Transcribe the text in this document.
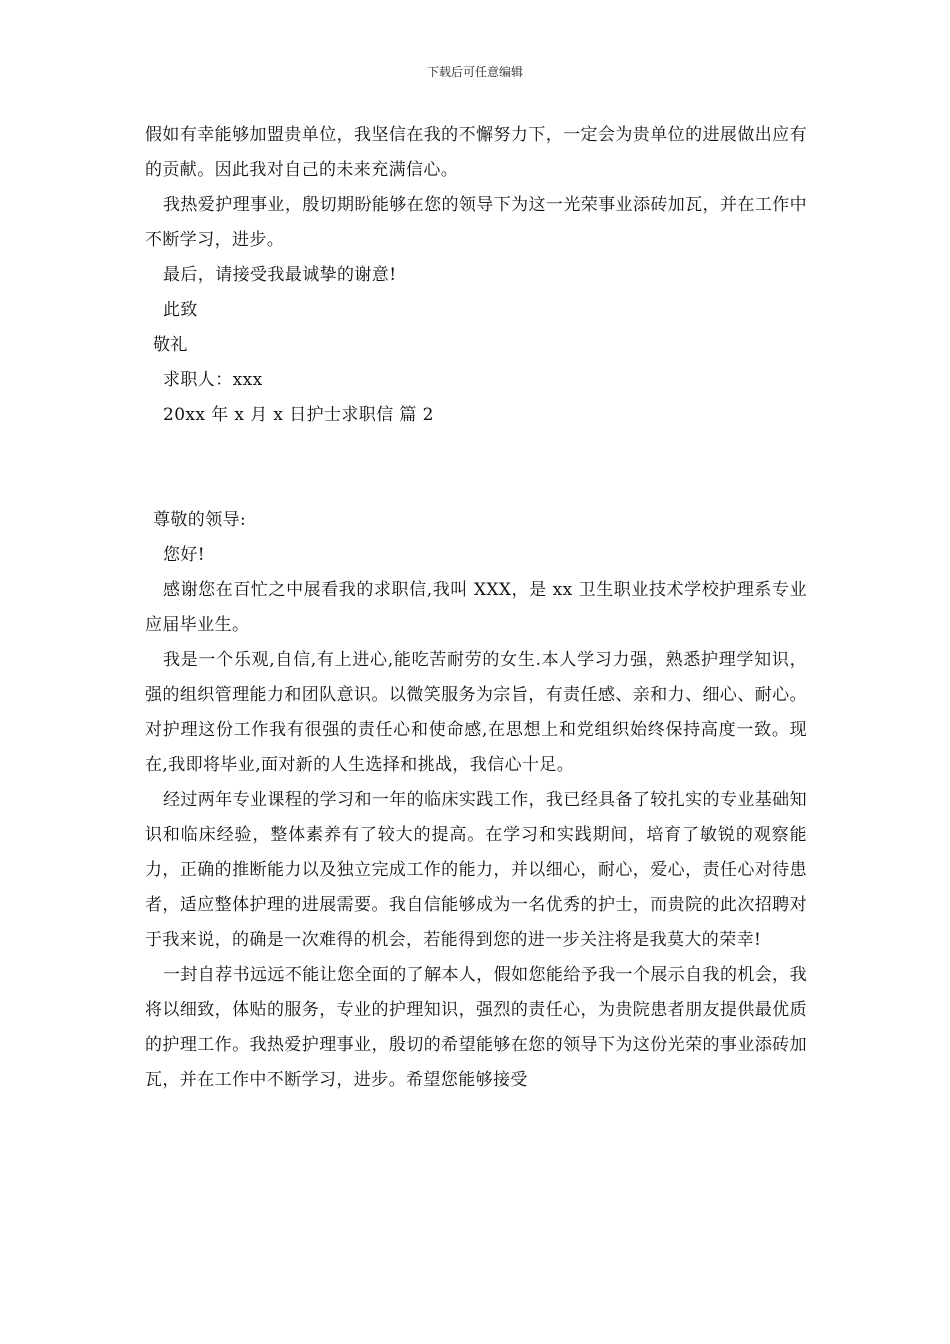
下载后可任意编辑

假如有幸能够加盟贵单位，我坚信在我的不懈努力下，一定会为贵单位的进展做出应有的贡献。因此我对自己的未来充满信心。

我热爱护理事业，殷切期盼能够在您的领导下为这一光荣事业添砖加瓦，并在工作中不断学习，进步。

最后，请接受我最诚挚的谢意!

此致

敬礼

求职人：xxx

20xx 年 x 月 x 日护士求职信 篇 2

尊敬的领导:

您好!

感谢您在百忙之中展看我的求职信,我叫 XXX，是 xx 卫生职业技术学校护理系专业应届毕业生。

我是一个乐观,自信,有上进心,能吃苦耐劳的女生.本人学习力强，熟悉护理学知识，强的组织管理能力和团队意识。以微笑服务为宗旨，有责任感、亲和力、细心、耐心。对护理这份工作我有很强的责任心和使命感,在思想上和党组织始终保持高度一致。现在,我即将毕业,面对新的人生选择和挑战，我信心十足。

经过两年专业课程的学习和一年的临床实践工作，我已经具备了较扎实的专业基础知识和临床经验，整体素养有了较大的提高。在学习和实践期间，培育了敏锐的观察能力，正确的推断能力以及独立完成工作的能力，并以细心，耐心，爱心，责任心对待患者，适应整体护理的进展需要。我自信能够成为一名优秀的护士，而贵院的此次招聘对于我来说，的确是一次难得的机会，若能得到您的进一步关注将是我莫大的荣幸!

一封自荐书远远不能让您全面的了解本人，假如您能给予我一个展示自我的机会，我将以细致，体贴的服务，专业的护理知识，强烈的责任心，为贵院患者朋友提供最优质的护理工作。我热爱护理事业，殷切的希望能够在您的领导下为这份光荣的事业添砖加瓦，并在工作中不断学习，进步。希望您能够接受
